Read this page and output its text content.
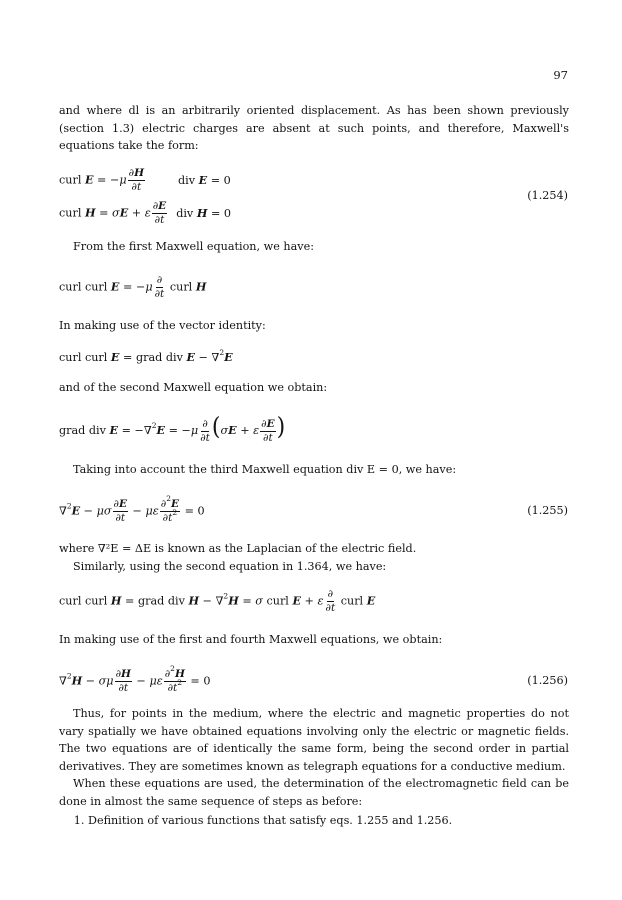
97

and where dl is an arbitrarily oriented displacement. As has been shown previously (section 1.3) electric charges are absent at such points, and therefore, Maxwell's equations take the form:

curl $E = -\mu \frac{\partial H}{\partial t}$	div E = 0
curl H = σE + ε $\frac{\partial E}{\partial t}$ div H = 0
(1.254)

From the first Maxwell equation, we have:

curl curl $E = -\mu \frac{\partial}{\partial t}$ curl H

In making use of the vector identity:

curl curl E = grad div E − ∇$^2$E

and of the second Maxwell equation we obtain:

grad div $E = -\nabla^2E = -\mu \frac{\partial}{\partial t} (\sigma E + \varepsilon \frac{\partial E}{\partial t}$ )

Taking into account the third Maxwell equation div E = 0, we have:

∇$^2$E − μσ $\frac{\partial E}{\partial t} - \mu\varepsilon \frac{\partial^2E}{\partial t^2} = 0$	(1.255)

where ∇²E = ΔE is known as the Laplacian of the electric field.

Similarly, using the second equation in 1.364, we have:

curl curl H = grad div H − ∇$^2$H = σ curl E + ε $\frac{\partial}{\partial t}$ curl E

In making use of the first and fourth Maxwell equations, we obtain:

∇$^2$H − σμ $\frac{\partial H}{\partial t} - \mu\varepsilon \frac{\partial^2H}{\partial t^2} = 0$	(1.256)

Thus, for points in the medium, where the electric and magnetic properties do not vary spatially we have obtained equations involving only the electric or magnetic fields. The two equations are of identically the same form, being the second order in partial derivatives. They are sometimes known as telegraph equations for a conductive medium.

When these equations are used, the determination of the electromagnetic field can be done in almost the same sequence of steps as before:

1. Definition of various functions that satisfy eqs. 1.255 and 1.256.
